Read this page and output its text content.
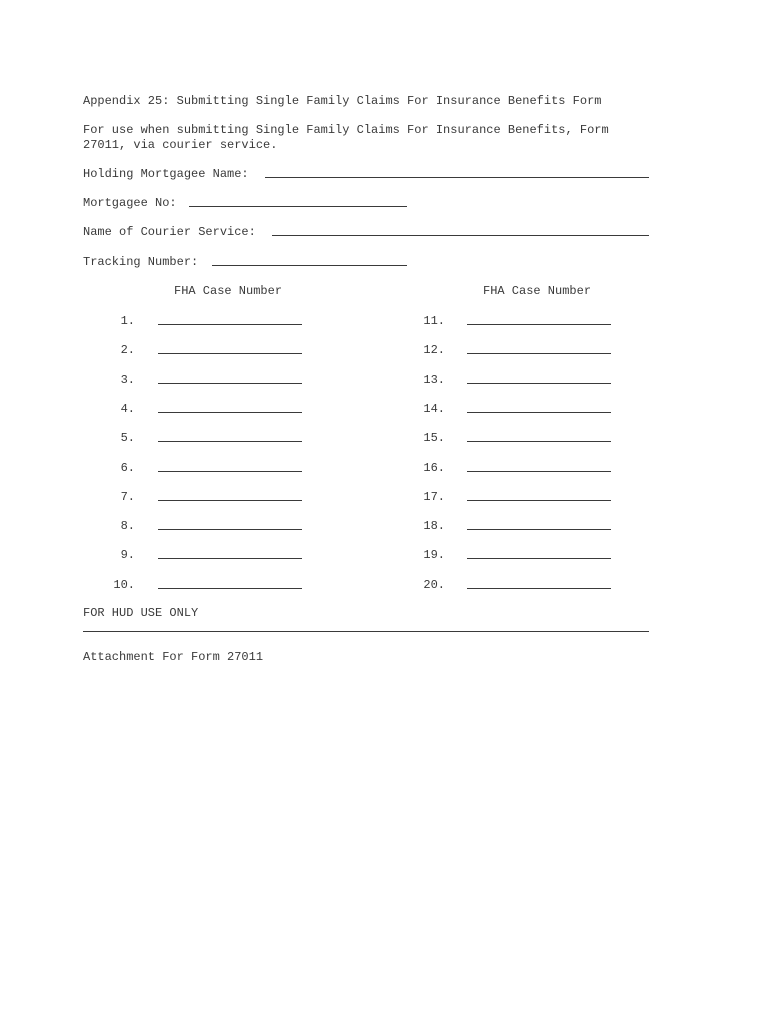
Appendix 25: Submitting Single Family Claims For Insurance Benefits Form
For use when submitting Single Family Claims For Insurance Benefits, Form
27011, via courier service.
Holding Mortgagee Name:
Mortgagee No:
Name of Courier Service:
Tracking Number:
FHA Case Number	FHA Case Number
1.
2.
3.
4.
5.
6.
7.
8.
9.
10.
11.
12.
13.
14.
15.
16.
17.
18.
19.
20.
FOR HUD USE ONLY
Attachment For Form 27011
